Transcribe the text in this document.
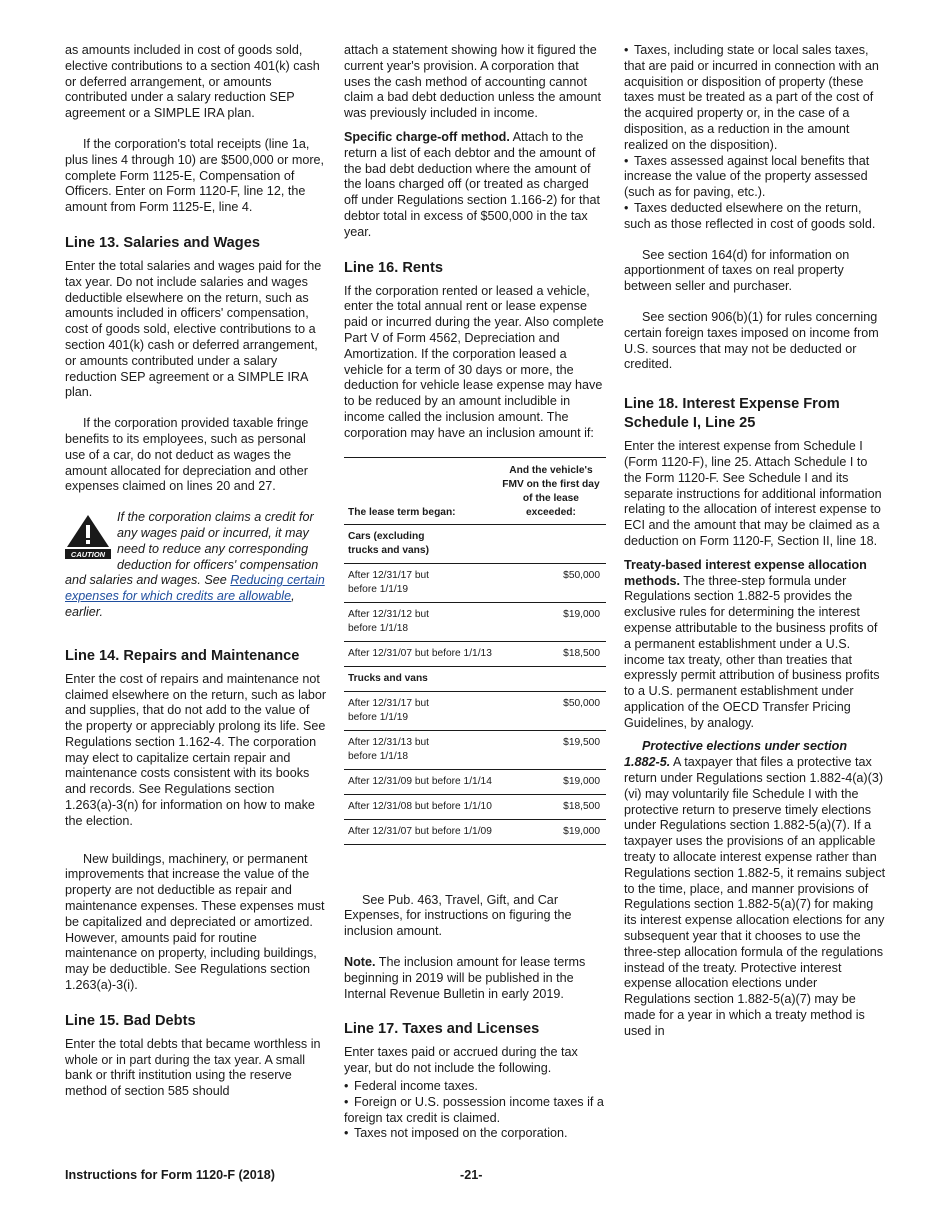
as amounts included in cost of goods sold, elective contributions to a section 401(k) cash or deferred arrangement, or amounts contributed under a salary reduction SEP agreement or a SIMPLE IRA plan.

If the corporation's total receipts (line 1a, plus lines 4 through 10) are $500,000 or more, complete Form 1125-E, Compensation of Officers. Enter on Form 1120-F, line 12, the amount from Form 1125-E, line 4.

Line 13. Salaries and Wages

Enter the total salaries and wages paid for the tax year. Do not include salaries and wages deductible elsewhere on the return, such as amounts included in officers' compensation, cost of goods sold, elective contributions to a section 401(k) cash or deferred arrangement, or amounts contributed under a salary reduction SEP agreement or a SIMPLE IRA plan.

If the corporation provided taxable fringe benefits to its employees, such as personal use of a car, do not deduct as wages the amount allocated for depreciation and other expenses claimed on lines 20 and 27.

CAUTION
If the corporation claims a credit for any wages paid or incurred, it may need to reduce any corresponding deduction for officers' compensation and salaries and wages. See Reducing certain expenses for which credits are allowable, earlier.
Line 14. Repairs and Maintenance

Enter the cost of repairs and maintenance not claimed elsewhere on the return, such as labor and supplies, that do not add to the value of the property or appreciably prolong its life. See Regulations section 1.162-4. The corporation may elect to capitalize certain repair and maintenance costs consistent with its books and records. See Regulations section 1.263(a)-3(n) for information on how to make the election.

New buildings, machinery, or permanent improvements that increase the value of the property are not deductible as repair and maintenance expenses. These expenses must be capitalized and depreciated or amortized. However, amounts paid for routine maintenance on property, including buildings, may be deductible. See Regulations section 1.263(a)-3(i).

Line 15. Bad Debts

Enter the total debts that became worthless in whole or in part during the tax year. A small bank or thrift institution using the reserve method of section 585 should

attach a statement showing how it figured the current year's provision. A corporation that uses the cash method of accounting cannot claim a bad debt deduction unless the amount was previously included in income.

Specific charge-off method. Attach to the return a list of each debtor and the amount of the bad debt deduction where the amount of the loans charged off (or treated as charged off under Regulations section 1.166-2) for that debtor total in excess of $500,000 in the tax year.

Line 16. Rents

If the corporation rented or leased a vehicle, enter the total annual rent or lease expense paid or incurred during the year. Also complete Part V of Form 4562, Depreciation and Amortization. If the corporation leased a vehicle for a term of 30 days or more, the deduction for vehicle lease expense may have to be reduced by an amount includible in income called the inclusion amount. The corporation may have an inclusion amount if:

The lease term began:	And the vehicle's FMV on the first day of the lease exceeded:
Cars (excluding trucks and vans)	
After 12/31/17 but before 1/1/19	$50,000
After 12/31/12 but before 1/1/18	$19,000
After 12/31/07 but before 1/1/13	$18,500
Trucks and vans	
After 12/31/17 but before 1/1/19	$50,000
After 12/31/13 but before 1/1/18	$19,500
After 12/31/09 but before 1/1/14	$19,000
After 12/31/08 but before 1/1/10	$18,500
After 12/31/07 but before 1/1/09	$19,000

See Pub. 463, Travel, Gift, and Car Expenses, for instructions on figuring the inclusion amount.

Note. The inclusion amount for lease terms beginning in 2019 will be published in the Internal Revenue Bulletin in early 2019.

Line 17. Taxes and Licenses

Enter taxes paid or accrued during the tax year, but do not include the following.

• Federal income taxes.

• Foreign or U.S. possession income taxes if a foreign tax credit is claimed.

• Taxes not imposed on the corporation.

• Taxes, including state or local sales taxes, that are paid or incurred in connection with an acquisition or disposition of property (these taxes must be treated as a part of the cost of the acquired property or, in the case of a disposition, as a reduction in the amount realized on the disposition).

• Taxes assessed against local benefits that increase the value of the property assessed (such as for paving, etc.).

• Taxes deducted elsewhere on the return, such as those reflected in cost of goods sold.

See section 164(d) for information on apportionment of taxes on real property between seller and purchaser.

See section 906(b)(1) for rules concerning certain foreign taxes imposed on income from U.S. sources that may not be deducted or credited.

Line 18. Interest Expense From Schedule I, Line 25

Enter the interest expense from Schedule I (Form 1120-F), line 25. Attach Schedule I to the Form 1120-F. See Schedule I and its separate instructions for additional information relating to the allocation of interest expense to ECI and the amount that may be claimed as a deduction on Form 1120-F, Section II, line 18.

Treaty-based interest expense allocation methods. The three-step formula under Regulations section 1.882-5 provides the exclusive rules for determining the interest expense attributable to the business profits of a permanent establishment under a U.S. income tax treaty, other than treaties that expressly permit attribution of business profits to a U.S. permanent establishment under application of the OECD Transfer Pricing Guidelines, by analogy.

Protective elections under section 1.882-5. A taxpayer that files a protective tax return under Regulations section 1.882-4(a)(3)(vi) may voluntarily file Schedule I with the protective return to preserve timely elections under Regulations section 1.882-5(a)(7). If a taxpayer uses the provisions of an applicable treaty to allocate interest expense rather than Regulations section 1.882-5, it remains subject to the time, place, and manner provisions of Regulations section 1.882-5(a)(7) for making its interest expense allocation elections for any subsequent year that it chooses to use the three-step allocation formula of the regulations instead of the treaty. Protective interest expense allocation elections under Regulations section 1.882-5(a)(7) may be made for a year in which a treaty method is used in

Instructions for Form 1120-F (2018)	-21-
